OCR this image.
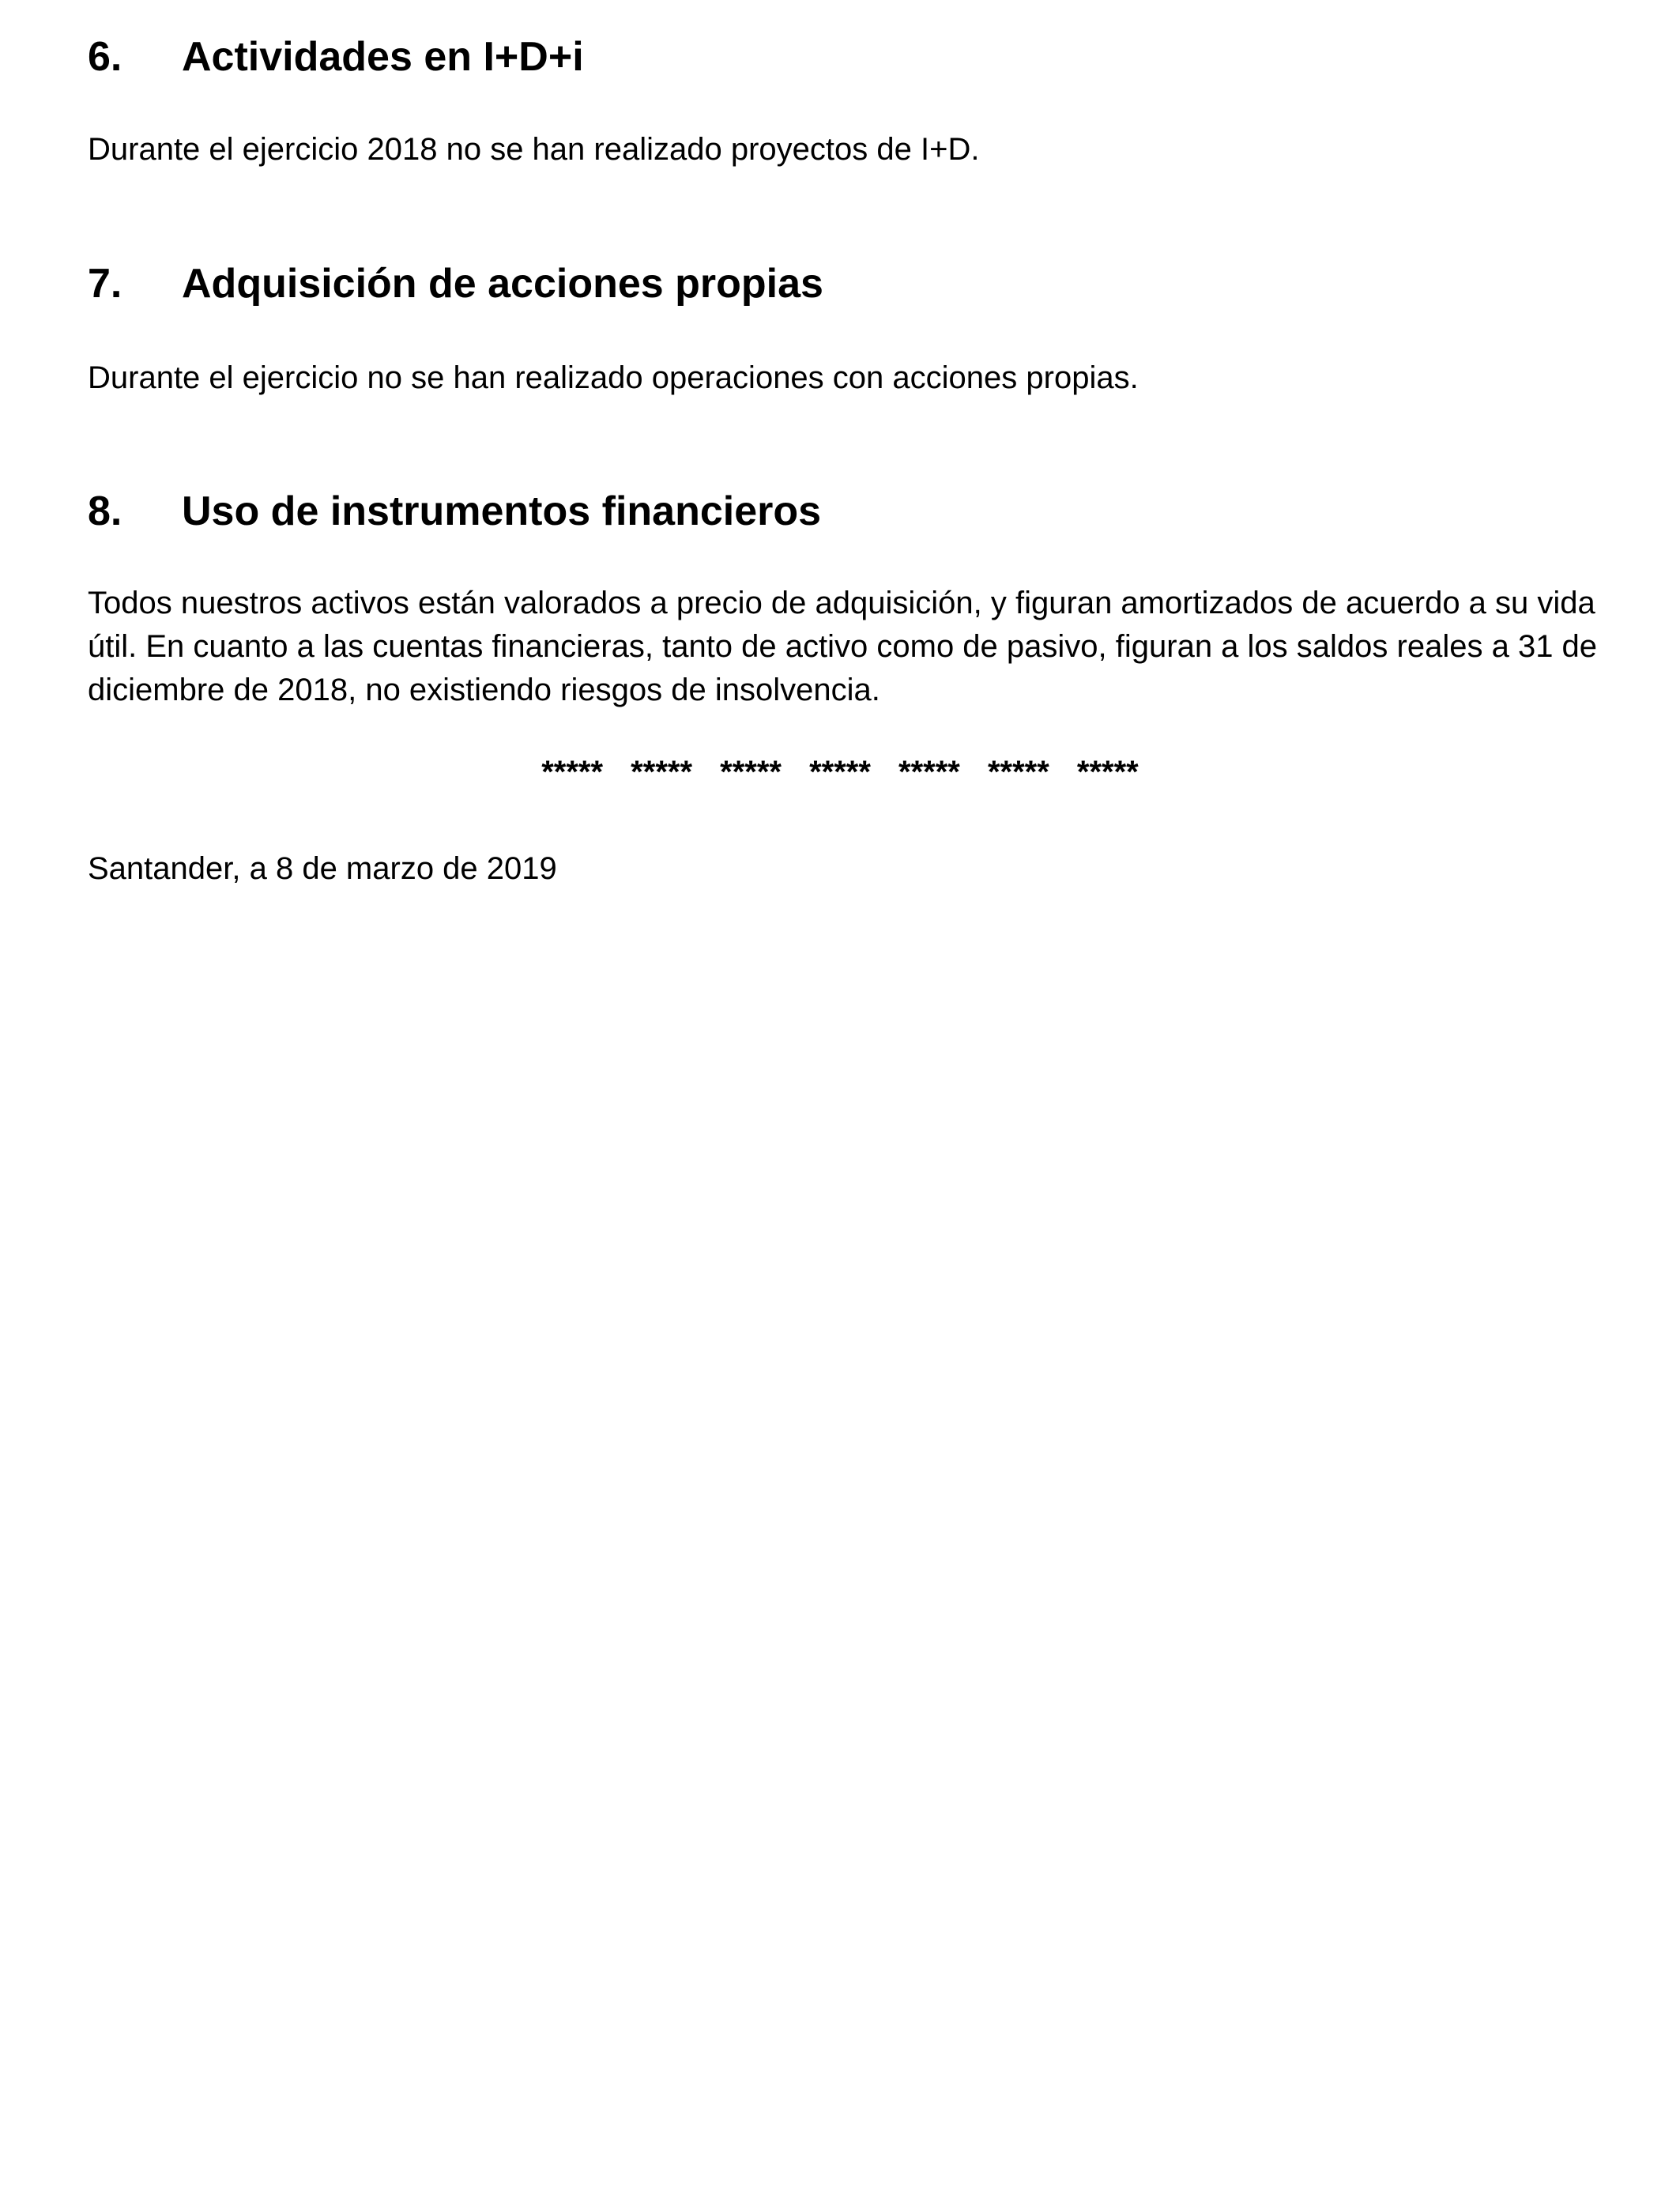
6. Actividades en I+D+i
Durante el ejercicio 2018 no se han realizado proyectos de I+D.
7. Adquisición de acciones propias
Durante el ejercicio no se han realizado operaciones con acciones propias.
8. Uso de instrumentos financieros
Todos nuestros activos están valorados a precio de adquisición, y figuran amortizados de acuerdo a su vida útil. En cuanto a las cuentas financieras, tanto de activo como de pasivo, figuran a los saldos reales a 31 de diciembre de 2018, no existiendo riesgos de insolvencia.
***** ***** ***** ***** ***** ***** *****
Santander, a 8 de marzo de 2019
